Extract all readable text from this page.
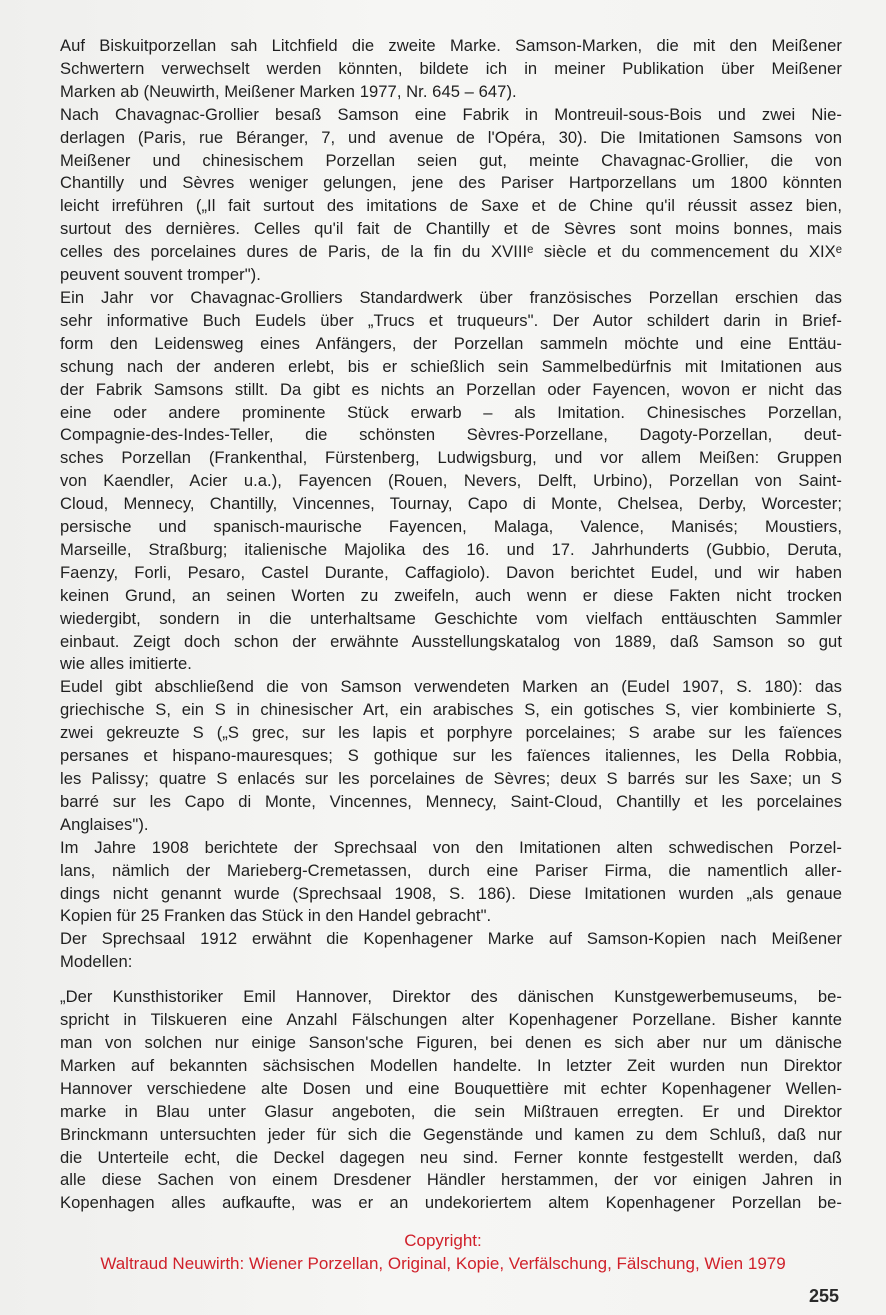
Auf Biskuitporzellan sah Litchfield die zweite Marke. Samson-Marken, die mit den Meißener
Schwertern verwechselt werden könnten, bildete ich in meiner Publikation über Meißener
Marken ab (Neuwirth, Meißener Marken 1977, Nr. 645 – 647).

Nach Chavagnac-Grollier besaß Samson eine Fabrik in Montreuil-sous-Bois und zwei Nie-
derlagen (Paris, rue Béranger, 7, und avenue de l'Opéra, 30). Die Imitationen Samsons von
Meißener und chinesischem Porzellan seien gut, meinte Chavagnac-Grollier, die von
Chantilly und Sèvres weniger gelungen, jene des Pariser Hartporzellans um 1800 könnten
leicht irreführen („Il fait surtout des imitations de Saxe et de Chine qu'il réussit assez bien,
surtout des dernières. Celles qu'il fait de Chantilly et de Sèvres sont moins bonnes, mais
celles des porcelaines dures de Paris, de la fin du XVIIIᵉ siècle et du commencement du XIXᵉ
peuvent souvent tromper").

Ein Jahr vor Chavagnac-Grolliers Standardwerk über französisches Porzellan erschien das
sehr informative Buch Eudels über „Trucs et truqueurs". Der Autor schildert darin in Brief-
form den Leidensweg eines Anfängers, der Porzellan sammeln möchte und eine Enttäu-
schung nach der anderen erlebt, bis er schießlich sein Sammelbedürfnis mit Imitationen aus
der Fabrik Samsons stillt. Da gibt es nichts an Porzellan oder Fayencen, wovon er nicht das
eine oder andere prominente Stück erwarb – als Imitation. Chinesisches Porzellan,
Compagnie-des-Indes-Teller, die schönsten Sèvres-Porzellane, Dagoty-Porzellan, deut-
sches Porzellan (Frankenthal, Fürstenberg, Ludwigsburg, und vor allem Meißen: Gruppen
von Kaendler, Acier u.a.), Fayencen (Rouen, Nevers, Delft, Urbino), Porzellan von Saint-
Cloud, Mennecy, Chantilly, Vincennes, Tournay, Capo di Monte, Chelsea, Derby, Worcester;
persische und spanisch-maurische Fayencen, Malaga, Valence, Manisés; Moustiers,
Marseille, Straßburg; italienische Majolika des 16. und 17. Jahrhunderts (Gubbio, Deruta,
Faenzy, Forli, Pesaro, Castel Durante, Caffagiolo). Davon berichtet Eudel, und wir haben
keinen Grund, an seinen Worten zu zweifeln, auch wenn er diese Fakten nicht trocken
wiedergibt, sondern in die unterhaltsame Geschichte vom vielfach enttäuschten Sammler
einbaut. Zeigt doch schon der erwähnte Ausstellungskatalog von 1889, daß Samson so gut
wie alles imitierte.

Eudel gibt abschließend die von Samson verwendeten Marken an (Eudel 1907, S. 180): das
griechische S, ein S in chinesischer Art, ein arabisches S, ein gotisches S, vier kombinierte S,
zwei gekreuzte S („S grec, sur les lapis et porphyre porcelaines; S arabe sur les faïences
persanes et hispano-mauresques; S gothique sur les faïences italiennes, les Della Robbia,
les Palissy; quatre S enlacés sur les porcelaines de Sèvres; deux S barrés sur les Saxe; un S
barré sur les Capo di Monte, Vincennes, Mennecy, Saint-Cloud, Chantilly et les porcelaines
Anglaises").

Im Jahre 1908 berichtete der Sprechsaal von den Imitationen alten schwedischen Porzel-
lans, nämlich der Marieberg-Cremetassen, durch eine Pariser Firma, die namentlich aller-
dings nicht genannt wurde (Sprechsaal 1908, S. 186). Diese Imitationen wurden „als genaue
Kopien für 25 Franken das Stück in den Handel gebracht".

Der Sprechsaal 1912 erwähnt die Kopenhagener Marke auf Samson-Kopien nach Meißener
Modellen:

„Der Kunsthistoriker Emil Hannover, Direktor des dänischen Kunstgewerbemuseums, be-
spricht in Tilskueren eine Anzahl Fälschungen alter Kopenhagener Porzellane. Bisher kannte
man von solchen nur einige Sanson'sche Figuren, bei denen es sich aber nur um dänische
Marken auf bekannten sächsischen Modellen handelte. In letzter Zeit wurden nun Direktor
Hannover verschiedene alte Dosen und eine Bouquettière mit echter Kopenhagener Wellen-
marke in Blau unter Glasur angeboten, die sein Mißtrauen erregten. Er und Direktor
Brinckmann untersuchten jeder für sich die Gegenstände und kamen zu dem Schluß, daß nur
die Unterteile echt, die Deckel dagegen neu sind. Ferner konnte festgestellt werden, daß
alle diese Sachen von einem Dresdener Händler herstammen, der vor einigen Jahren in
Kopenhagen alles aufkaufte, was er an undekoriertem altem Kopenhagener Porzellan be-

Copyright:
Waltraud Neuwirth: Wiener Porzellan, Original, Kopie, Verfälschung, Fälschung, Wien 1979
255
